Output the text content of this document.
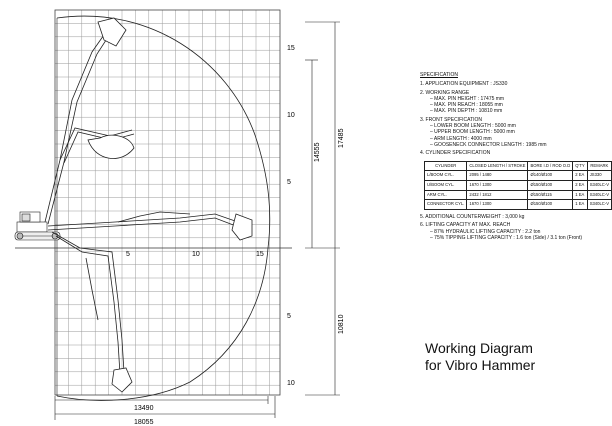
15
10
5
5
10
5	10	15
17485
14555
10810
13490
18055
SPECIFICATION
1. APPLICATION EQUIPMENT : JS330
2. WORKING RANGE
– MAX. PIN HEIGHT : 17475 mm
– MAX. PIN REACH : 18055 mm
– MAX. PIN DEPTH : 10810 mm
3. FRONT SPECIFICATION
– LOWER BOOM LENGTH : 5000 mm
– UPPER BOOM LENGTH : 5000 mm
– ARM LENGTH : 4000 mm
– GOOSENECK CONNECTOR LENGTH : 1985 mm
4. CYLINDER SPECIFICATION
CYLINDER	CLOSED LENGTH / STROKE	BORE I.D / ROD O.D	Q'TY	REMARK
L/BOOM CYL.	2095 / 1480	Ø140/Ø100	2 EA	JS330
U/BOOM CYL.	1670 / 1300	Ø150/Ø100	2 EA	S340LC-V
ARM CYL.	2432 / 1812	Ø150/Ø115	1 EA	S340LC-V
CONNECTOR CYL.	1670 / 1300	Ø150/Ø100	1 EA	S340LC-V
5. ADDITIONAL COUNTERWEIGHT : 3,000 kg
6. LIFTING CAPACITY AT MAX. REACH
– 87% HYDRAULIC LIFTING CAPACITY : 2.2 ton
– 75% TIPPING LIFTING CAPACITY : 1.6 ton (Side) / 3.1 ton (Front)
Working Diagram
for Vibro Hammer
